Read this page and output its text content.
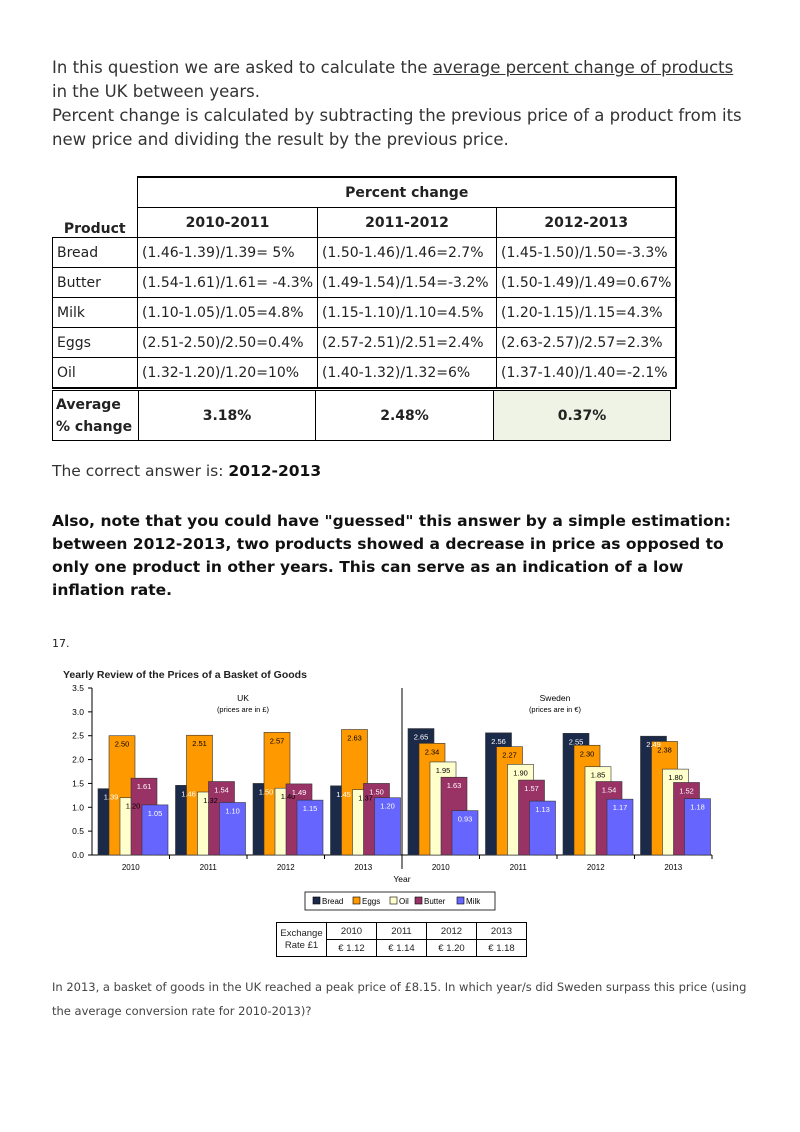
In this question we are asked to calculate the average percent change of products in the UK between years.

Percent change is calculated by subtracting the previous price of a product from its new price and dividing the result by the previous price.

Product	Percent change		
	2010-2011	2011-2012	2012-2013
Bread	(1.46-1.39)/1.39= 5%	(1.50-1.46)/1.46=2.7%	(1.45-1.50)/1.50=-3.3%
Butter	(1.54-1.61)/1.61= -4.3%	(1.49-1.54)/1.54=-3.2%	(1.50-1.49)/1.49=0.67%
Milk	(1.10-1.05)/1.05=4.8%	(1.15-1.10)/1.10=4.5%	(1.20-1.15)/1.15=4.3%
Eggs	(2.51-2.50)/2.50=0.4%	(2.57-2.51)/2.51=2.4%	(2.63-2.57)/2.57=2.3%
Oil	(1.32-1.20)/1.20=10%	(1.40-1.32)/1.32=6%	(1.37-1.40)/1.40=-2.1%
Average
% change	3.18%	2.48%	0.37%
The correct answer is: 2012-2013
Also, note that you could have "guessed" this answer by a simple estimation: between 2012-2013, two products showed a decrease in price as opposed to only one product in other years. This can serve as an indication of a low inflation rate.
17.
Yearly Review of the Prices of a Basket of Goods
0.0
0.5
1.0
1.5
2.0
2.5
3.0
3.5
2010	2011	2012	2013	2010	2011	2012	2013
1.39
2.50
1.20
1.61
1.05
1.46
2.51
1.32
1.54
1.10
1.50
2.57
1.40
1.49
1.15
1.45
2.63
1.37
1.50
1.20
2.65
2.34
1.95
1.63
0.93
2.56
2.27
1.90
1.57
1.13
2.55
2.30
1.85
1.54
1.17
2.49
2.38
1.80
1.52
1.18
UK
(prices are in £)
Sweden
(prices are in €)
Year
Bread Eggs Oil Butter	Milk
Exchange
Rate £1	2010	2011	2012	2013
	€ 1.12	€ 1.14	€ 1.20	€ 1.18
In 2013, a basket of goods in the UK reached a peak price of £8.15. In which year/s did Sweden surpass this price (using the average conversion rate for 2010-2013)?
